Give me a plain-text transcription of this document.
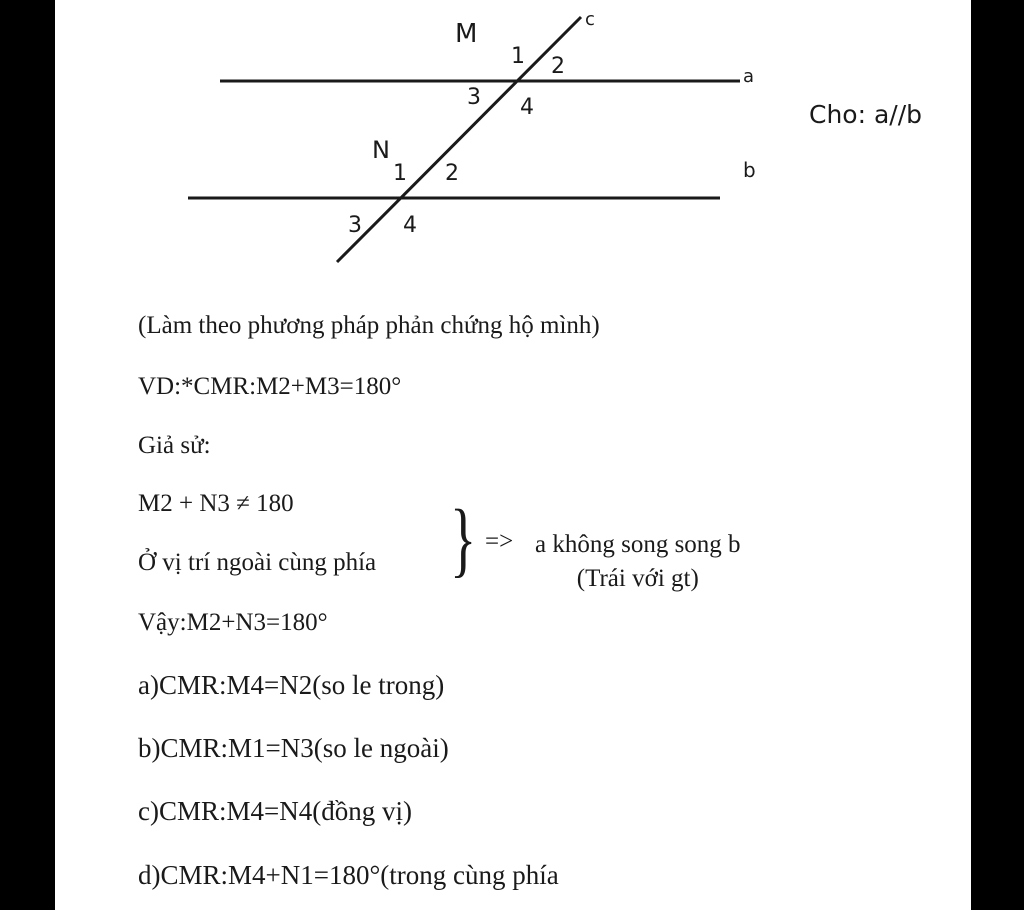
M	c
a
b
1 2
3 4
N
1 2
3 4
Cho: a//b
(Làm theo phương pháp phản chứng hộ mình)
VD:*CMR:M2+M3=180°
Giả sử:
M2 + N3 ≠ 180
Ở vị trí ngoài cùng phía } => a không song song b
(Trái với gt)
Vậy:M2+N3=180°
a)CMR:M4=N2(so le trong)
b)CMR:M1=N3(so le ngoài)
c)CMR:M4=N4(đồng vị)
d)CMR:M4+N1=180°(trong cùng phía
